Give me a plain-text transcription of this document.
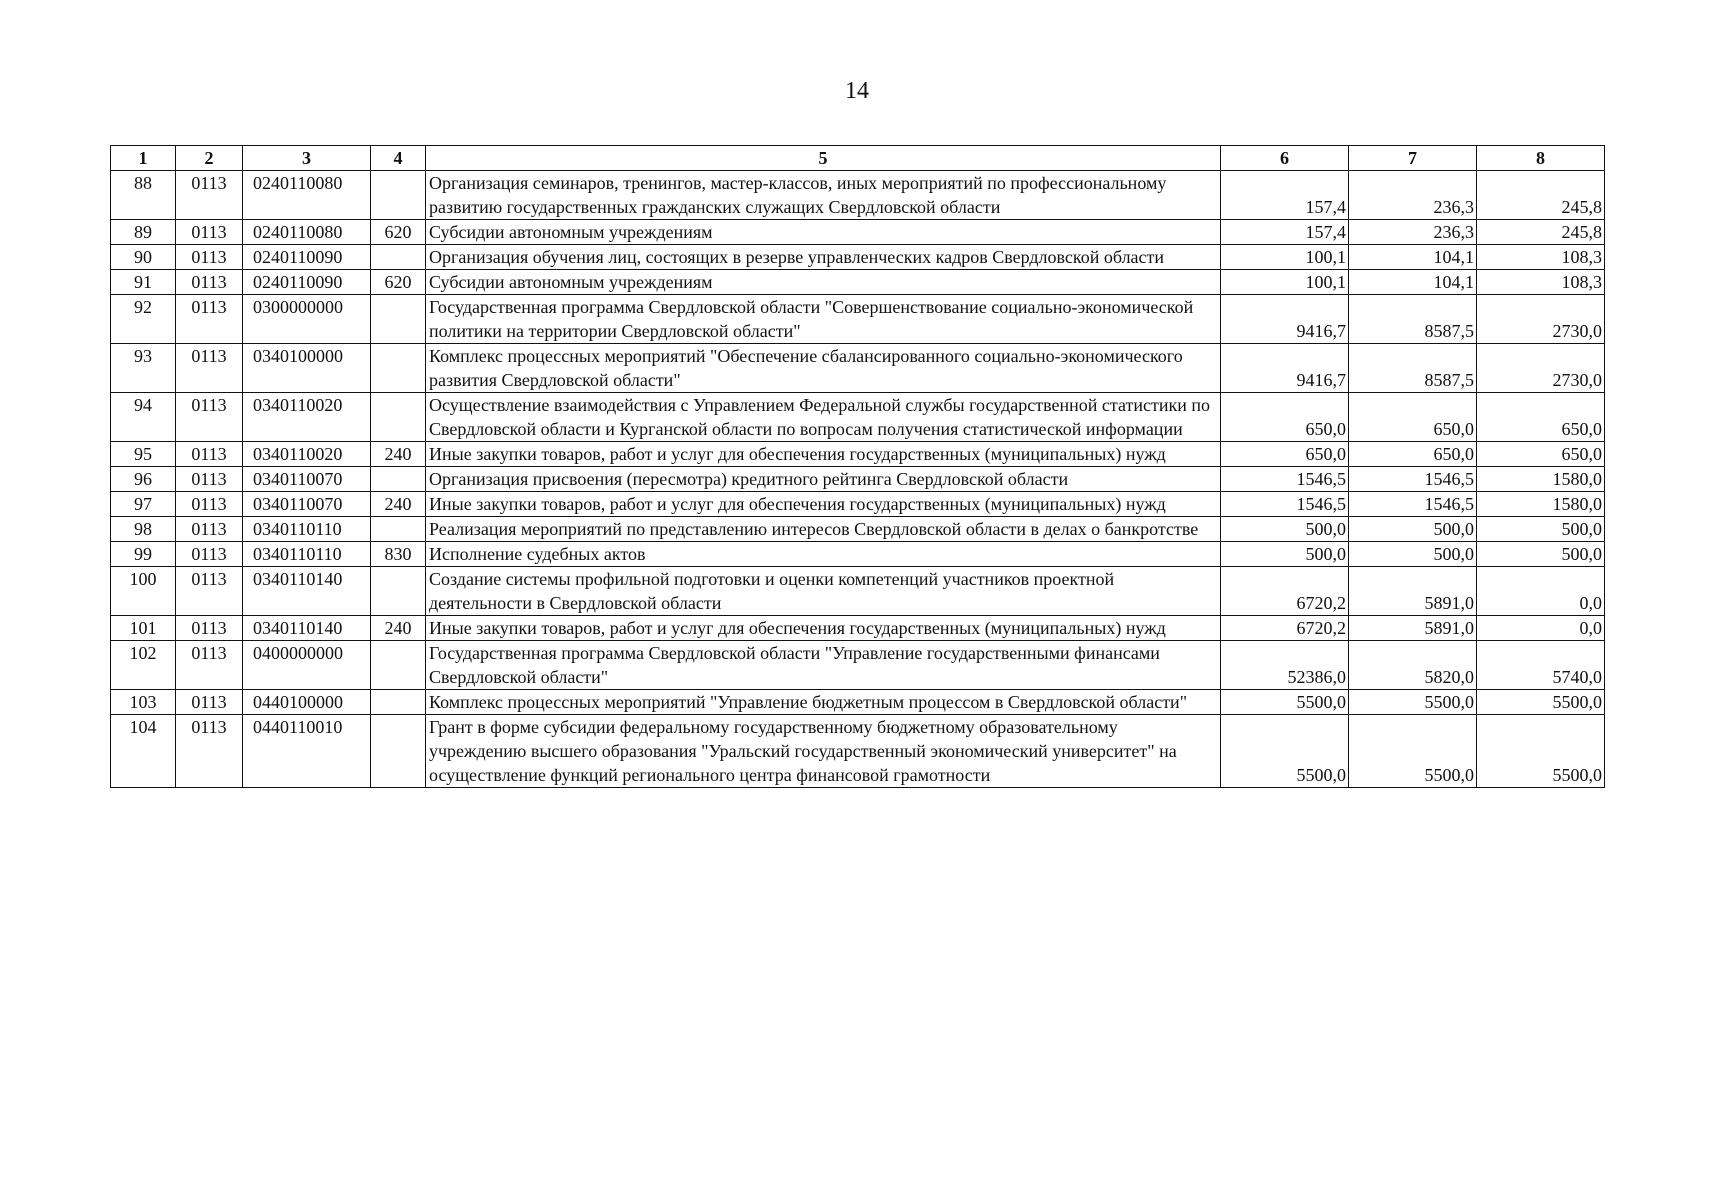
14
1	2	3	4	5	6	7	8
88	0113	0240110080		Организация семинаров, тренингов, мастер-классов, иных мероприятий по профессиональному развитию государственных гражданских служащих Свердловской области	157,4	236,3	245,8
89	0113	0240110080	620	Субсидии автономным учреждениям	157,4	236,3	245,8
90	0113	0240110090		Организация обучения лиц, состоящих в резерве управленческих кадров Свердловской области	100,1	104,1	108,3
91	0113	0240110090	620	Субсидии автономным учреждениям	100,1	104,1	108,3
92	0113	0300000000		Государственная программа Свердловской области "Совершенствование социально-экономической политики на территории Свердловской области"	9416,7	8587,5	2730,0
93	0113	0340100000		Комплекс процессных мероприятий "Обеспечение сбалансированного социально-экономического развития Свердловской области"	9416,7	8587,5	2730,0
94	0113	0340110020		Осуществление взаимодействия с Управлением Федеральной службы государственной статистики по Свердловской области и Курганской области по вопросам получения статистической информации	650,0	650,0	650,0
95	0113	0340110020	240	Иные закупки товаров, работ и услуг для обеспечения государственных (муниципальных) нужд	650,0	650,0	650,0
96	0113	0340110070		Организация присвоения (пересмотра) кредитного рейтинга Свердловской области	1546,5	1546,5	1580,0
97	0113	0340110070	240	Иные закупки товаров, работ и услуг для обеспечения государственных (муниципальных) нужд	1546,5	1546,5	1580,0
98	0113	0340110110		Реализация мероприятий по представлению интересов Свердловской области в делах о банкротстве	500,0	500,0	500,0
99	0113	0340110110	830	Исполнение судебных актов	500,0	500,0	500,0
100	0113	0340110140		Создание системы профильной подготовки и оценки компетенций участников проектной деятельности в Свердловской области	6720,2	5891,0	0,0
101	0113	0340110140	240	Иные закупки товаров, работ и услуг для обеспечения государственных (муниципальных) нужд	6720,2	5891,0	0,0
102	0113	0400000000		Государственная программа Свердловской области "Управление государственными финансами Свердловской области"	52386,0	5820,0	5740,0
103	0113	0440100000		Комплекс процессных мероприятий "Управление бюджетным процессом в Свердловской области"	5500,0	5500,0	5500,0
104	0113	0440110010		Грант в форме субсидии федеральному государственному бюджетному образовательному учреждению высшего образования "Уральский государственный экономический университет" на осуществление функций регионального центра финансовой грамотности	5500,0	5500,0	5500,0
